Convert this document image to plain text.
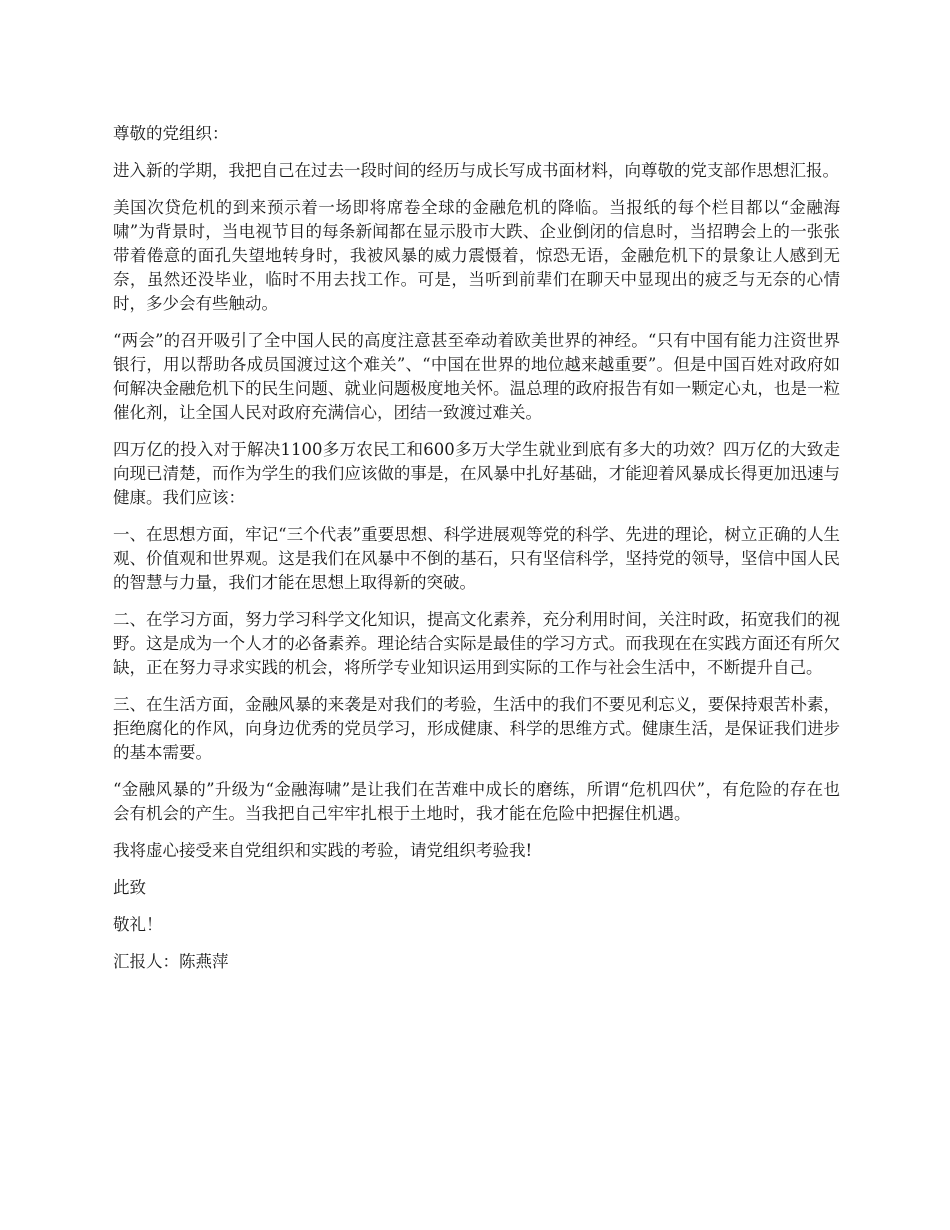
尊敬的党组织：

进入新的学期，我把自己在过去一段时间的经历与成长写成书面材料，向尊敬的党支部作思想汇报。

美国次贷危机的到来预示着一场即将席卷全球的金融危机的降临。当报纸的每个栏目都以“金融海啸”为背景时，当电视节目的每条新闻都在显示股市大跌、企业倒闭的信息时，当招聘会上的一张张带着倦意的面孔失望地转身时，我被风暴的威力震慑着，惊恐无语，金融危机下的景象让人感到无奈，虽然还没毕业，临时不用去找工作。可是，当听到前辈们在聊天中显现出的疲乏与无奈的心情时，多少会有些触动。

“两会”的召开吸引了全中国人民的高度注意甚至牵动着欧美世界的神经。“只有中国有能力注资世界银行，用以帮助各成员国渡过这个难关”、“中国在世界的地位越来越重要”。但是中国百姓对政府如何解决金融危机下的民生问题、就业问题极度地关怀。温总理的政府报告有如一颗定心丸，也是一粒催化剂，让全国人民对政府充满信心，团结一致渡过难关。

四万亿的投入对于解决1100多万农民工和600多万大学生就业到底有多大的功效？四万亿的大致走向现已清楚，而作为学生的我们应该做的事是，在风暴中扎好基础，才能迎着风暴成长得更加迅速与健康。我们应该：

一、在思想方面，牢记“三个代表”重要思想、科学进展观等党的科学、先进的理论，树立正确的人生观、价值观和世界观。这是我们在风暴中不倒的基石，只有坚信科学，坚持党的领导，坚信中国人民的智慧与力量，我们才能在思想上取得新的突破。

二、在学习方面，努力学习科学文化知识，提高文化素养，充分利用时间，关注时政，拓宽我们的视野。这是成为一个人才的必备素养。理论结合实际是最佳的学习方式。而我现在在实践方面还有所欠缺，正在努力寻求实践的机会，将所学专业知识运用到实际的工作与社会生活中，不断提升自己。

三、在生活方面，金融风暴的来袭是对我们的考验，生活中的我们不要见利忘义，要保持艰苦朴素，拒绝腐化的作风，向身边优秀的党员学习，形成健康、科学的思维方式。健康生活，是保证我们进步的基本需要。

“金融风暴的”升级为“金融海啸”是让我们在苦难中成长的磨练，所谓“危机四伏”，有危险的存在也会有机会的产生。当我把自己牢牢扎根于土地时，我才能在危险中把握住机遇。

我将虚心接受来自党组织和实践的考验，请党组织考验我!

此致

敬礼！

汇报人：陈燕萍
